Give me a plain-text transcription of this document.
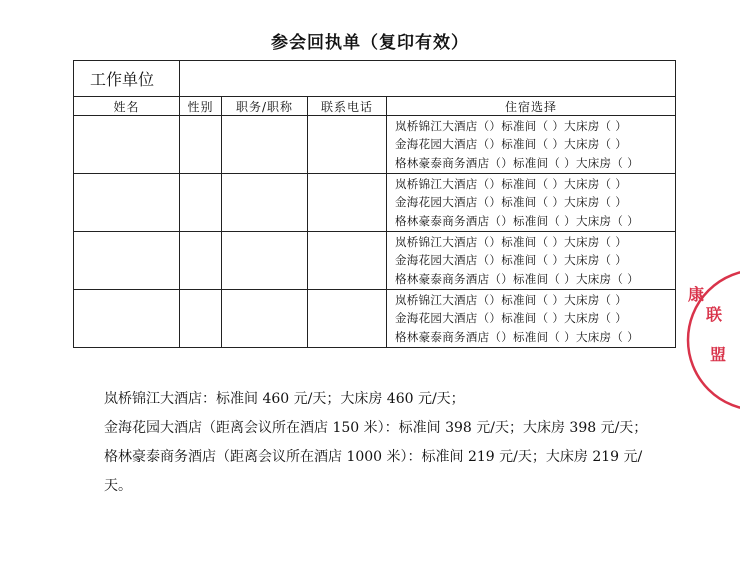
参会回执单（复印有效）
工作单位				
姓名	性别	职务/职称	联系电话	住宿选择

				岚桥锦江大酒店（）标准间（ ）大床房（ ）
金海花园大酒店（）标准间（ ）大床房（ ）
格林豪泰商务酒店（）标准间（ ）大床房（ ）

				岚桥锦江大酒店（）标准间（ ）大床房（ ）
金海花园大酒店（）标准间（ ）大床房（ ）
格林豪泰商务酒店（）标准间（ ）大床房（ ）

				岚桥锦江大酒店（）标准间（ ）大床房（ ）
金海花园大酒店（）标准间（ ）大床房（ ）
格林豪泰商务酒店（）标准间（ ）大床房（ ）

				岚桥锦江大酒店（）标准间（ ）大床房（ ）
金海花园大酒店（）标准间（ ）大床房（ ）
格林豪泰商务酒店（）标准间（ ）大床房（ ）

岚桥锦江大酒店：标准间 460 元/天；大床房 460 元/天；

金海花园大酒店（距离会议所在酒店 150 米）：标准间 398 元/天；大床房 398 元/天；

格林豪泰商务酒店（距离会议所在酒店 1000 米）：标准间 219 元/天；大床房 219 元/天。

康 联 盟
